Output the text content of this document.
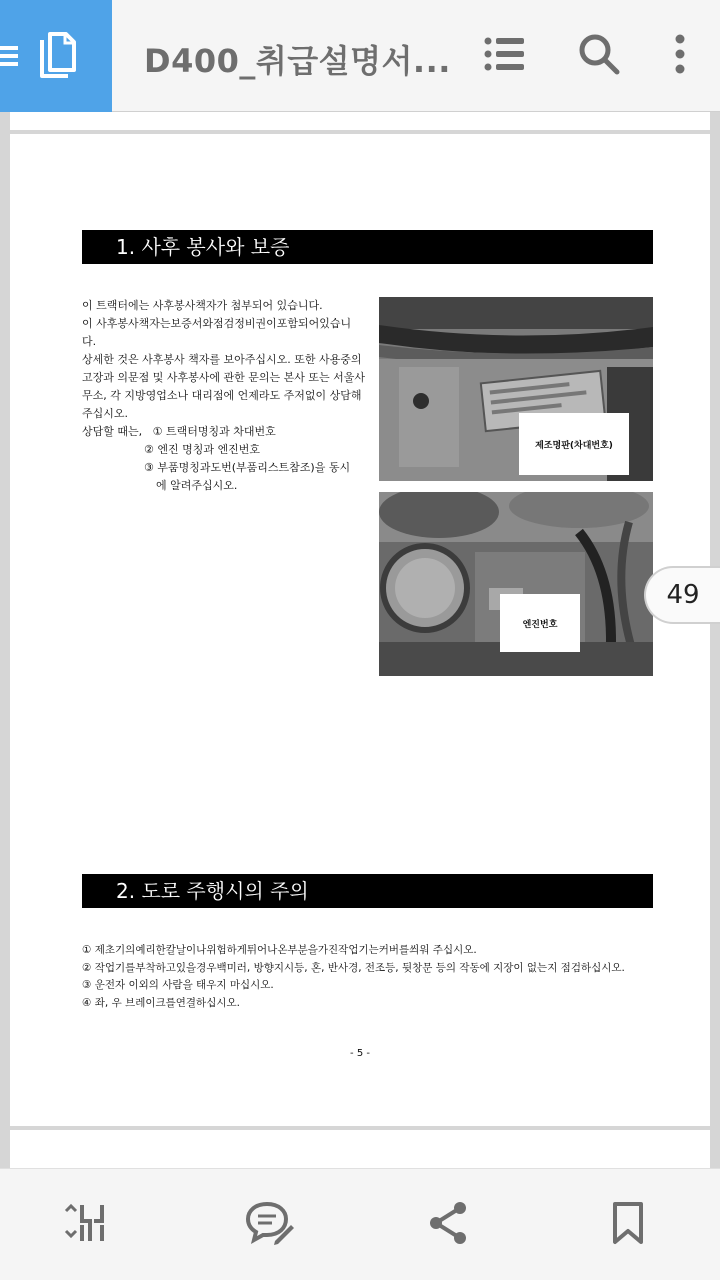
D400_취급설명서...
1. 사후 봉사와 보증

이 트랙터에는 사후봉사책자가 첨부되어 있습니다.

이 사후봉사책자는보증서와점검정비권이포함되어있습니

다.

상세한 것은 사후봉사 책자를 보아주십시오. 또한 사용중의

고장과 의문점 및 사후봉사에 관한 문의는 본사 또는 서울사

무소, 각 지방영업소나 대리점에 언제라도 주저없이 상담해

주십시오.

상담할 때는, ① 트랙터명칭과 차대번호

② 엔진 명칭과 엔진번호

③ 부품명칭과도번(부품리스트참조)을 동시

에 알려주십시오.

제조명판(차대번호)
엔진번호
2. 도로 주행시의 주의

① 제초기의예리한칼날이나위험하게튀어나온부분을가진작업기는커버를씌워 주십시오.

② 작업기를부착하고있을경우백미러, 방향지시등, 혼, 반사경, 전조등, 뒷창문 등의 작동에 지장이 없는지 점검하십시오.

③ 운전자 이외의 사람을 태우지 마십시오.

④ 좌, 우 브레이크를연결하십시오.

- 5 -
49
